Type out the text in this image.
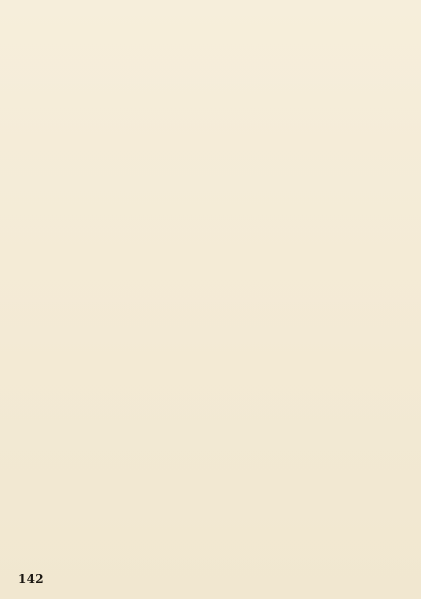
142
